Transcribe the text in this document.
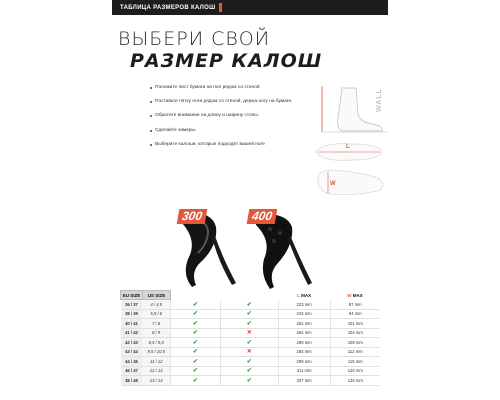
ТАБЛИЦА РАЗМЕРОВ КАЛОШ
ВЫБЕРИ СВОЙ
РАЗМЕР КАЛОШ
Положите лист бумаги на пол рядом со стеной
Поставьте пятку ноги рядом со стеной, держа ногу на бумаге.
Обратите внимание на длину и ширину стопы.
Сделайте замеры.
Выберите калоши, которые подходят вашей ноге
WALL
L
W
300	400
EU SIZE	US SIZE			L MAX	W MAX
36 / 37	4 / 4,5	✔	✔	223 mm	87 mm
38 / 39	5,5 / 6	✔	✔	242 mm	94 mm
40 / 41	7 / 8	✔	✔	251 mm	101 mm
41 / 42	8 / 9	✔	✕	264 mm	104 mm
42 / 43	8,5 / 9,5	✔	✔	280 mm	108 mm
43 / 44	9,5 / 10,5	✔	✕	284 mm	112 mm
44 / 45	11 / 12	✔	✔	299 mm	115 mm
46 / 47	12 / 13	✔	✔	311 mm	120 mm
48 / 49	13 / 14	✔	✔	337 mm	126 mm
